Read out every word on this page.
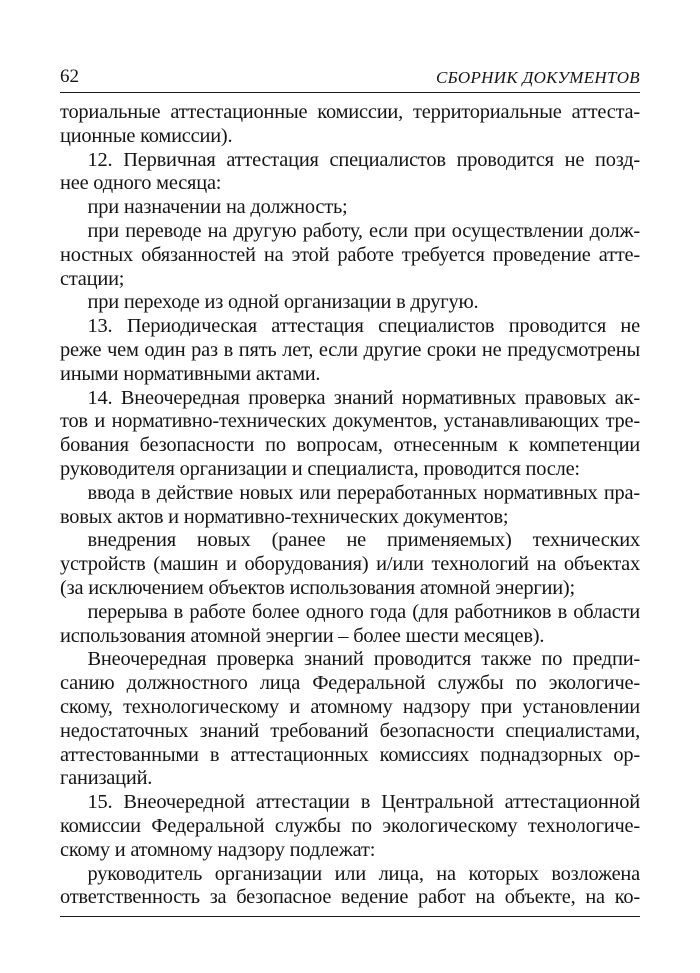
62	СБОРНИК ДОКУМЕНТОВ

ториальные аттестационные комиссии, территориальные аттеста-

ционные комиссии).

12. Первичная аттестация специалистов проводится не позд-

нее одного месяца:

при назначении на должность;

при переводе на другую работу, если при осуществлении долж-

ностных обязанностей на этой работе требуется проведение атте-

стации;

при переходе из одной организации в другую.

13. Периодическая аттестация специалистов проводится не

реже чем один раз в пять лет, если другие сроки не предусмотрены

иными нормативными актами.

14. Внеочередная проверка знаний нормативных правовых ак-

тов и нормативно-технических документов, устанавливающих тре-

бования безопасности по вопросам, отнесенным к компетенции

руководителя организации и специалиста, проводится после:

ввода в действие новых или переработанных нормативных пра-

вовых актов и нормативно-технических документов;

внедрения новых (ранее не применяемых) технических

устройств (машин и оборудования) и/или технологий на объектах

(за исключением объектов использования атомной энергии);

перерыва в работе более одного года (для работников в области

использования атомной энергии – более шести месяцев).

Внеочередная проверка знаний проводится также по предпи-

санию должностного лица Федеральной службы по экологиче-

скому, технологическому и атомному надзору при установлении

недостаточных знаний требований безопасности специалистами,

аттестованными в аттестационных комиссиях поднадзорных ор-

ганизаций.

15. Внеочередной аттестации в Центральной аттестационной

комиссии Федеральной службы по экологическому технологиче-

скому и атомному надзору подлежат:

руководитель организации или лица, на которых возложена

ответственность за безопасное ведение работ на объекте, на ко-
